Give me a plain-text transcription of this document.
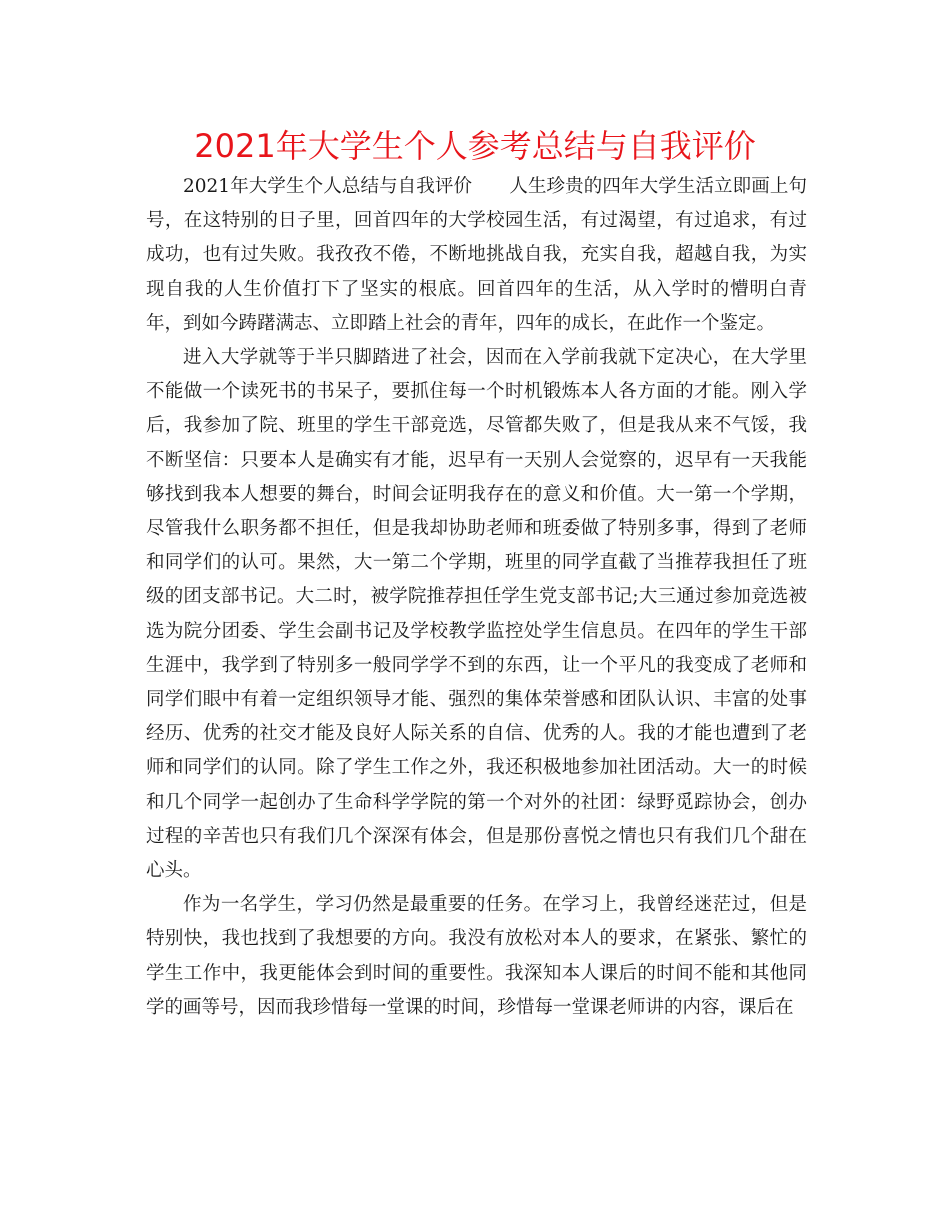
2021年大学生个人参考总结与自我评价

2021年大学生个人总结与自我评价　　人生珍贵的四年大学生活立即画上句号，在这特别的日子里，回首四年的大学校园生活，有过渴望，有过追求，有过成功，也有过失败。我孜孜不倦，不断地挑战自我，充实自我，超越自我，为实现自我的人生价值打下了坚实的根底。回首四年的生活，从入学时的懵明白青年，到如今踌躇满志、立即踏上社会的青年，四年的成长，在此作一个鉴定。

进入大学就等于半只脚踏进了社会，因而在入学前我就下定决心，在大学里不能做一个读死书的书呆子，要抓住每一个时机锻炼本人各方面的才能。刚入学后，我参加了院、班里的学生干部竞选，尽管都失败了，但是我从来不气馁，我不断坚信：只要本人是确实有才能，迟早有一天别人会觉察的，迟早有一天我能够找到我本人想要的舞台，时间会证明我存在的意义和价值。大一第一个学期，尽管我什么职务都不担任，但是我却协助老师和班委做了特别多事，得到了老师和同学们的认可。果然，大一第二个学期，班里的同学直截了当推荐我担任了班级的团支部书记。大二时，被学院推荐担任学生党支部书记;大三通过参加竞选被选为院分团委、学生会副书记及学校教学监控处学生信息员。在四年的学生干部生涯中，我学到了特别多一般同学学不到的东西，让一个平凡的我变成了老师和同学们眼中有着一定组织领导才能、强烈的集体荣誉感和团队认识、丰富的处事经历、优秀的社交才能及良好人际关系的自信、优秀的人。我的才能也遭到了老师和同学们的认同。除了学生工作之外，我还积极地参加社团活动。大一的时候和几个同学一起创办了生命科学学院的第一个对外的社团：绿野觅踪协会，创办过程的辛苦也只有我们几个深深有体会，但是那份喜悦之情也只有我们几个甜在心头。

作为一名学生，学习仍然是最重要的任务。在学习上，我曾经迷茫过，但是特别快，我也找到了我想要的方向。我没有放松对本人的要求，在紧张、繁忙的学生工作中，我更能体会到时间的重要性。我深知本人课后的时间不能和其他同学的画等号，因而我珍惜每一堂课的时间，珍惜每一堂课老师讲的内容，课后在
